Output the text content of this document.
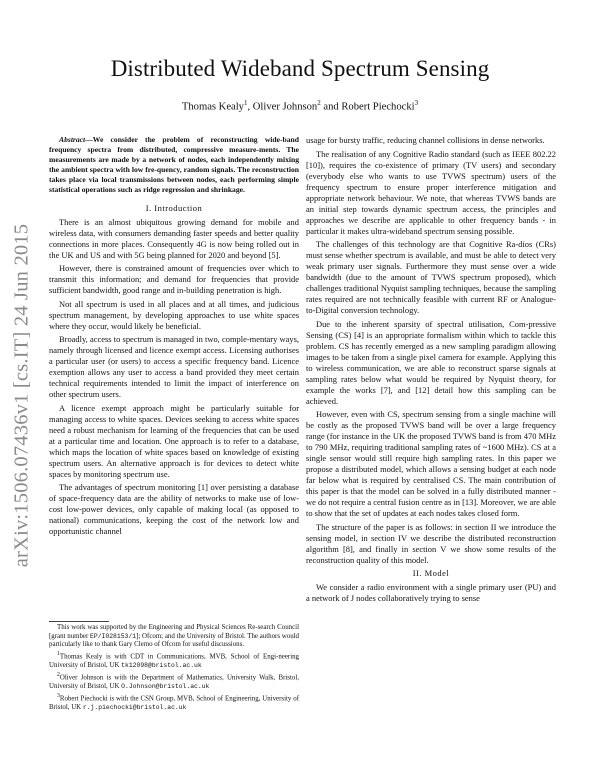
arXiv:1506.07436v1 [cs.IT] 24 Jun 2015
Distributed Wideband Spectrum Sensing
Thomas Kealy$^1$, Oliver Johnson$^2$ and Robert Piechocki$^3$

Abstract—We consider the problem of reconstructing wide-band frequency spectra from distributed, compressive measure-ments. The measurements are made by a network of nodes, each independently mixing the ambient spectra with low fre-quency, random signals. The reconstruction takes place via local transmissions between nodes, each performing simple statistical operations such as ridge regression and shrinkage.

I. Introduction

There is an almost ubiquitous growing demand for mobile and wireless data, with consumers demanding faster speeds and better quality connections in more places. Consequently 4G is now being rolled out in the UK and US and with 5G being planned for 2020 and beyond [5].

However, there is constrained amount of frequencies over which to transmit this information; and demand for frequencies that provide sufficient bandwidth, good range and in-building penetration is high.

Not all spectrum is used in all places and at all times, and judicious spectrum management, by developing approaches to use white spaces where they occur, would likely be beneficial.

Broadly, access to spectrum is managed in two, comple-mentary ways, namely through licensed and licence exempt access. Licensing authorises a particular user (or users) to access a specific frequency band. Licence exemption allows any user to access a band provided they meet certain technical requirements intended to limit the impact of interference on other spectrum users.

A licence exempt approach might be particularly suitable for managing access to white spaces. Devices seeking to access white spaces need a robust mechanism for learning of the frequencies that can be used at a particular time and location. One approach is to refer to a database, which maps the location of white spaces based on knowledge of existing spectrum users. An alternative approach is for devices to detect white spaces by monitoring spectrum use.

The advantages of spectrum monitoring [1] over persisting a database of space-frequency data are the ability of networks to make use of low-cost low-power devices, only capable of making local (as opposed to national) communications, keeping the cost of the network low and opportunistic channel

This work was supported by the Engineering and Physical Sciences Re-search Council [grant number EP/I028153/1]; Ofcom; and the University of Bristol. The authors would particularly like to thank Gary Clemo of Ofcom for useful discussions.

$^1$Thomas Kealy is with CDT in Communications, MVB, School of Engi-neering University of Bristol, UK tk12098@bristol.ac.uk

$^2$Oliver Johnson is with the Department of Mathematics, University Walk, Bristol, University of Bristol, UK O.Johnson@bristol.ac.uk

$^3$Robert Piechocki is with the CSN Group, MVB, School of Engineering, University of Bristol, UK r.j.piechocki@bristol.ac.uk

usage for bursty traffic, reducing channel collisions in dense networks.

The realisation of any Cognitive Radio standard (such as IEEE 802.22 [10]), requires the co-existence of primary (TV users) and secondary (everybody else who wants to use TVWS spectrum) users of the frequency spectrum to ensure proper interference mitigation and appropriate network behaviour. We note, that whereas TVWS bands are an initial step towards dynamic spectrum access, the principles and approaches we describe are applicable to other frequency bands - in particular it makes ultra-wideband spectrum sensing possible.

The challenges of this technology are that Cognitive Ra-dios (CRs) must sense whether spectrum is available, and must be able to detect very weak primary user signals. Furthermore they must sense over a wide bandwidth (due to the amount of TVWS spectrum proposed), which challenges traditional Nyquist sampling techniques, because the sampling rates required are not technically feasible with current RF or Analogue-to-Digital conversion technology.

Due to the inherent sparsity of spectral utilisation, Com-pressive Sensing (CS) [4] is an appropriate formalism within which to tackle this problem. CS has recently emerged as a new sampling paradigm allowing images to be taken from a single pixel camera for example. Applying this to wireless communication, we are able to reconstruct sparse signals at sampling rates below what would be required by Nyquist theory, for example the works [7], and [12] detail how this sampling can be achieved.

However, even with CS, spectrum sensing from a single machine will be costly as the proposed TVWS band will be over a large frequency range (for instance in the UK the proposed TVWS band is from 470 MHz to 790 MHz, requiring traditional sampling rates of ~1600 MHz). CS at a single sensor would still require high sampling rates. In this paper we propose a distributed model, which allows a sensing budget at each node far below what is required by centralised CS. The main contribution of this paper is that the model can be solved in a fully distributed manner - we do not require a central fusion centre as in [13]. Moreover, we are able to show that the set of updates at each nodes takes closed form.

The structure of the paper is as follows: in section II we introduce the sensing model, in section IV we describe the distributed reconstruction algorithm [8], and finally in section V we show some results of the reconstruction quality of this model.

II. Model

We consider a radio environment with a single primary user (PU) and a network of J nodes collaboratively trying to sense
